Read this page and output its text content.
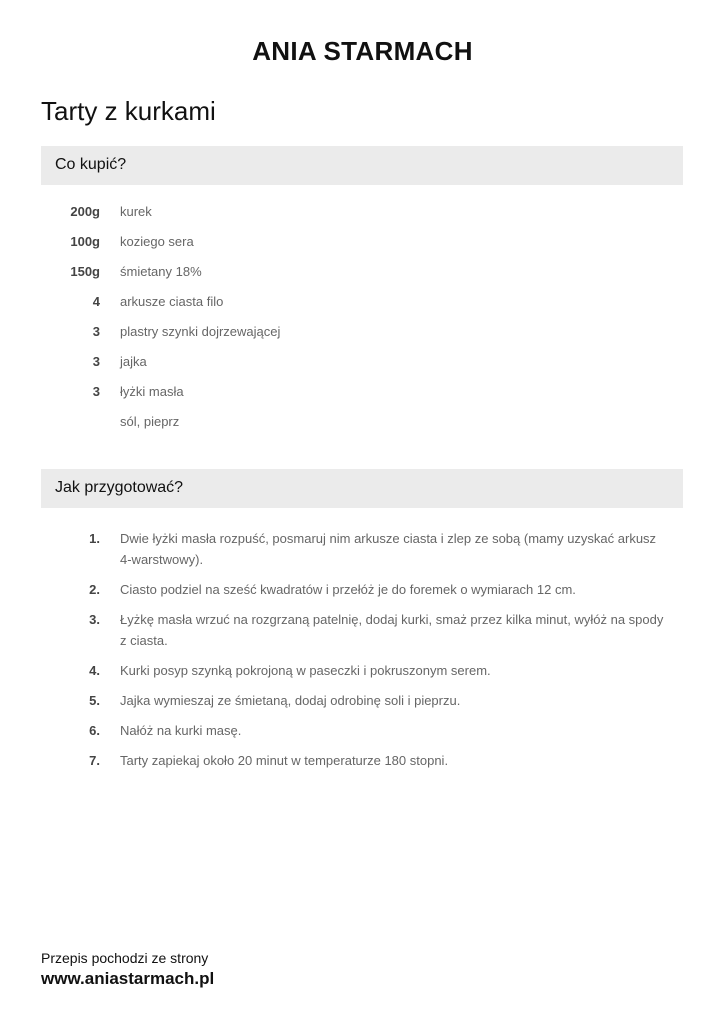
ANIA STARMACH
Tarty z kurkami
Co kupić?
200g kurek
100g koziego sera
150g śmietany 18%
4 arkusze ciasta filo
3 plastry szynki dojrzewającej
3 jajka
3 łyżki masła
sól, pieprz
Jak przygotować?
1. Dwie łyżki masła rozpuść, posmaruj nim arkusze ciasta i zlep ze sobą (mamy uzyskać arkusz 4-warstwowy).
2. Ciasto podziel na sześć kwadratów i przełóż je do foremek o wymiarach 12 cm.
3. Łyżkę masła wrzuć na rozgrzaną patelnię, dodaj kurki, smaż przez kilka minut, wyłóż na spody z ciasta.
4. Kurki posyp szynką pokrojoną w paseczki i pokruszonym serem.
5. Jajka wymieszaj ze śmietaną, dodaj odrobinę soli i pieprzu.
6. Nałóż na kurki masę.
7. Tarty zapiekaj około 20 minut w temperaturze 180 stopni.
Przepis pochodzi ze strony
www.aniastarmach.pl
